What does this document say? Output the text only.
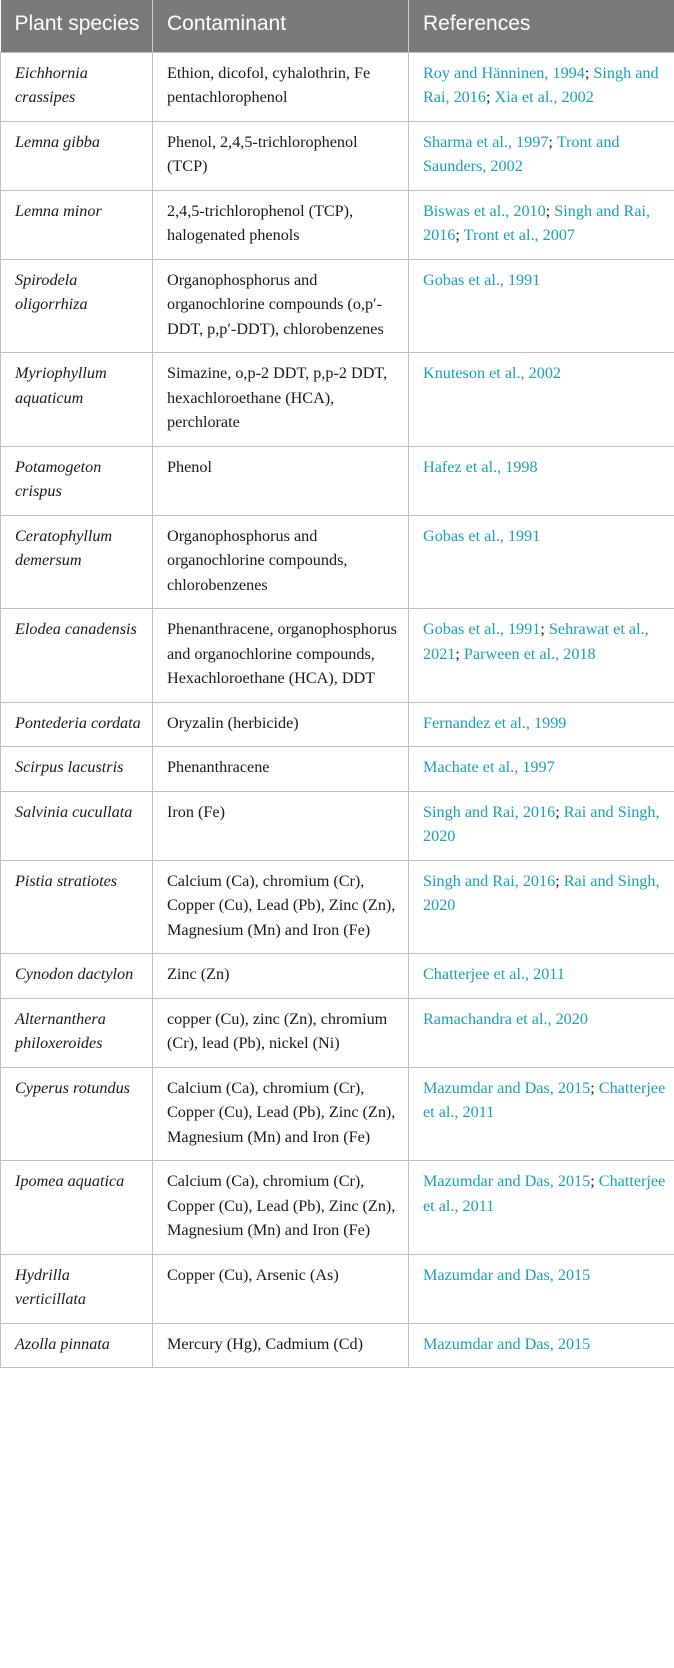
Plant species	Contaminant	References
Eichhornia crassipes	Ethion, dicofol, cyhalothrin, Fe pentachlorophenol	Roy and Hänninen, 1994; Singh and Rai, 2016; Xia et al., 2002
Lemna gibba	Phenol, 2,4,5-trichlorophenol (TCP)	Sharma et al., 1997; Tront and Saunders, 2002
Lemna minor	2,4,5-trichlorophenol (TCP), halogenated phenols	Biswas et al., 2010; Singh and Rai, 2016; Tront et al., 2007
Spirodela oligorrhiza	Organophosphorus and organochlorine compounds (o,p′-DDT, p,p′-DDT), chlorobenzenes	Gobas et al., 1991
Myriophyllum aquaticum	Simazine, o,p-2 DDT, p,p-2 DDT, hexachloroethane (HCA), perchlorate	Knuteson et al., 2002
Potamogeton crispus	Phenol	Hafez et al., 1998
Ceratophyllum demersum	Organophosphorus and organochlorine compounds, chlorobenzenes	Gobas et al., 1991
Elodea canadensis	Phenanthracene, organophosphorus and organochlorine compounds, Hexachloroethane (HCA), DDT	Gobas et al., 1991; Sehrawat et al., 2021; Parween et al., 2018
Pontederia cordata	Oryzalin (herbicide)	Fernandez et al., 1999
Scirpus lacustris	Phenanthracene	Machate et al., 1997
Salvinia cucullata	Iron (Fe)	Singh and Rai, 2016; Rai and Singh, 2020
Pistia stratiotes	Calcium (Ca), chromium (Cr), Copper (Cu), Lead (Pb), Zinc (Zn), Magnesium (Mn) and Iron (Fe)	Singh and Rai, 2016; Rai and Singh, 2020
Cynodon dactylon	Zinc (Zn)	Chatterjee et al., 2011
Alternanthera philoxeroides	copper (Cu), zinc (Zn), chromium (Cr), lead (Pb), nickel (Ni)	Ramachandra et al., 2020
Cyperus rotundus	Calcium (Ca), chromium (Cr), Copper (Cu), Lead (Pb), Zinc (Zn), Magnesium (Mn) and Iron (Fe)	Mazumdar and Das, 2015; Chatterjee et al., 2011
Ipomea aquatica	Calcium (Ca), chromium (Cr), Copper (Cu), Lead (Pb), Zinc (Zn), Magnesium (Mn) and Iron (Fe)	Mazumdar and Das, 2015; Chatterjee et al., 2011
Hydrilla verticillata	Copper (Cu), Arsenic (As)	Mazumdar and Das, 2015
Azolla pinnata	Mercury (Hg), Cadmium (Cd)	Mazumdar and Das, 2015
